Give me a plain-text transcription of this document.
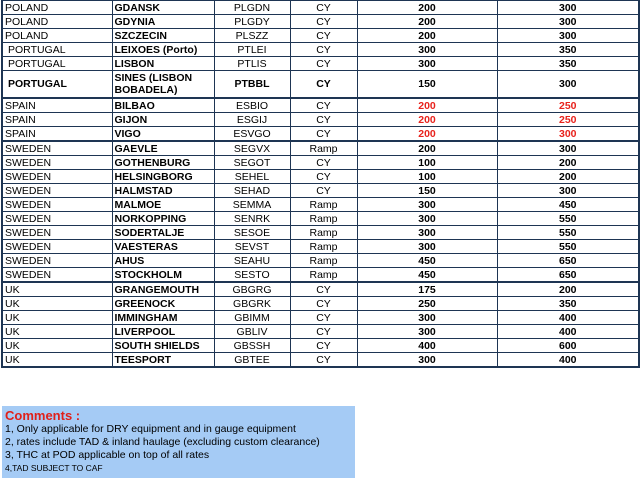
POLAND	GDANSK	PLGDN	CY	200	300
POLAND	GDYNIA	PLGDY	CY	200	300
POLAND	SZCZECIN	PLSZZ	CY	200	300
PORTUGAL	LEIXOES (Porto)	PTLEI	CY	300	350
PORTUGAL	LISBON	PTLIS	CY	300	350
PORTUGAL	SINES (LISBON BOBADELA)	PTBBL	CY	150	300
SPAIN	BILBAO	ESBIO	CY	200	250
SPAIN	GIJON	ESGIJ	CY	200	250
SPAIN	VIGO	ESVGO	CY	200	300
SWEDEN	GAEVLE	SEGVX	Ramp	200	300
SWEDEN	GOTHENBURG	SEGOT	CY	100	200
SWEDEN	HELSINGBORG	SEHEL	CY	100	200
SWEDEN	HALMSTAD	SEHAD	CY	150	300
SWEDEN	MALMOE	SEMMA	Ramp	300	450
SWEDEN	NORKOPPING	SENRK	Ramp	300	550
SWEDEN	SODERTALJE	SESOE	Ramp	300	550
SWEDEN	VAESTERAS	SEVST	Ramp	300	550
SWEDEN	AHUS	SEAHU	Ramp	450	650
SWEDEN	STOCKHOLM	SESTO	Ramp	450	650
UK	GRANGEMOUTH	GBGRG	CY	175	200
UK	GREENOCK	GBGRK	CY	250	350
UK	IMMINGHAM	GBIMM	CY	300	400
UK	LIVERPOOL	GBLIV	CY	300	400
UK	SOUTH SHIELDS	GBSSH	CY	400	600
UK	TEESPORT	GBTEE	CY	300	400
Comments :
1, Only applicable for DRY equipment and in gauge equipment
2, rates include TAD & inland haulage (excluding custom clearance)
3, THC at POD applicable on top of all rates
4,TAD SUBJECT TO CAF
